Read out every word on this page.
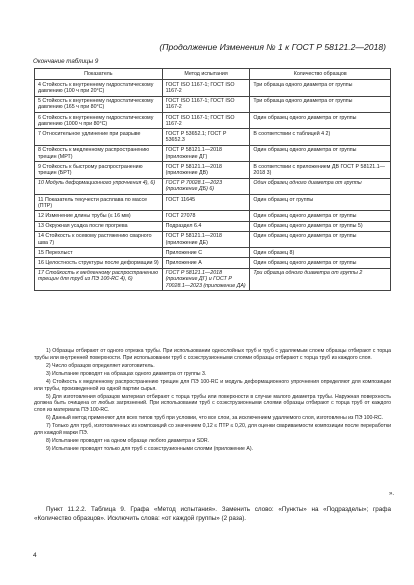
(Продолжение Изменения № 1 к ГОСТ Р 58121.2—2018)
Окончание таблицы 9
Показатель	Метод испытания	Количество образцов
4 Стойкость к внутреннему гидростатическому давлению (100 ч при 20°С)	ГОСТ ISO 1167-1; ГОСТ ISO 1167-2	Три образца одного диаметра от группы
5 Стойкость к внутреннему гидростатическому давлению (165 ч при 80°С)	ГОСТ ISO 1167-1; ГОСТ ISO 1167-2	Три образца одного диаметра от группы
6 Стойкость к внутреннему гидростатическому давлению (1000 ч при 80°С)	ГОСТ ISO 1167-1; ГОСТ ISO 1167-2	Один образец одного диаметра от группы
7 Относительное удлинение при разрыве	ГОСТ Р 53652.1; ГОСТ Р 53652.3	В соответствии с таблицей 4 2)
8 Стойкость к медленному распространению трещин (МРТ)	ГОСТ Р 58121.1—2018 (приложение ДГ)	Один образец одного диаметра от группы
9 Стойкость к быстрому распространению трещин (БРТ)	ГОСТ Р 58121.1—2018 (приложение ДВ)	В соответствии с приложением ДВ ГОСТ Р 58121.1—2018 3)
10 Модуль деформационного упрочнения 4), 6)	ГОСТ Р 70028.1—2023 (приложение ДБ) 6)	Один образец одного диаметра от группы
11 Показатель текучести расплава по массе (ПТР)	ГОСТ 11645	Один образец от группы
12 Изменение длины трубы (≤ 16 мм)	ГОСТ 27078	Один образец одного диаметра от группы
13 Окружная усадка после прогрева	Подраздел 6.4	Один образец одного диаметра от группы 5)
14 Стойкость к осевому растяжению сварного шва 7)	ГОСТ Р 58121.1—2018 (приложение ДЕ)	Один образец одного диаметра от группы
15 Перехлыст	Приложение С	Один образец 8)
16 Целостность структуры после деформации 9)	Приложение А	Один образец одного диаметра от группы
17 Стойкость к медленному распространению трещин для труб из ПЭ 100-RC 4), 6)	ГОСТ Р 58121.1—2018 (приложение ДГ) и ГОСТ Р 70028.1—2023 (приложение ДА)	Три образца одного диаметра от группы 2

1) Образцы отбирают от одного отрезка трубы. При использовании однослойных труб и труб с удаляемым слоем образцы отбирают с торца трубы или внутренней поверхности. При использовании труб с соэкструзионными слоями образцы отбирают с торца труб из каждого слоя.

2) Число образцов определяет изготовитель.

3) Испытание проводят на образцах одного диаметра от группы 3.

4) Стойкость к медленному распространению трещин для ПЭ 100-RC и модуль деформационного упрочнения определяют для композиции или трубы, произведенной из одной партии сырья.

5) Для изготовления образцов материал отбирают с торца трубы или поверхности в случае малого диаметра трубы. Наружная поверхность должна быть очищена от любых загрязнений. При использовании труб с соэкструзионными слоями образцы отбирают с торца труб от каждого слоя из материала ПЭ 100-RC.

6) Данный метод применяют для всех типов труб при условии, что все слои, за исключением удаляемого слоя, изготовлены из ПЭ 100-RC.

7) Только для труб, изготовленных из композиций со значением 0,12 ≤ ПТР ≤ 0,20, для оценки свариваемости композиции после переработки для каждой марки ПЭ.

8) Испытание проводят на одном образце любого диаметра и SDR.

9) Испытание проводят только для труб с соэкструзионными слоями (приложение А).

».

Пункт 11.2.2. Таблица 9. Графа «Метод испытания». Заменить слово: «Пункты» на «Подразделы»; графа «Количество образцов». Исключить слова: «от каждой группы» (2 раза).

4
